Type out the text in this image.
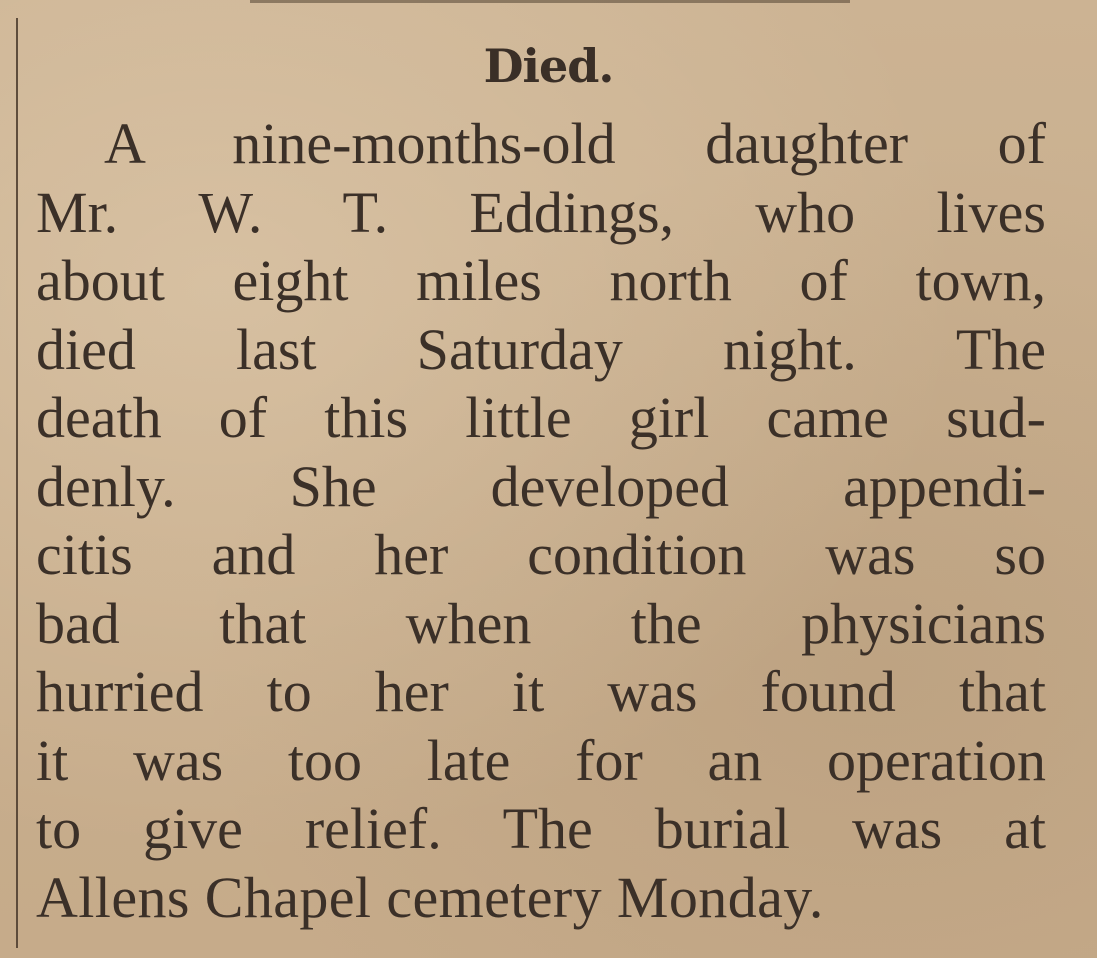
Died.
A nine-months-old daughter of
Mr. W. T. Eddings, who lives
about eight miles north of town,
died last Saturday night. The
death of this little girl came sud-
denly. She developed appendi-
citis and her condition was so
bad that when the physicians
hurried to her it was found that
it was too late for an operation
to give relief. The burial was at
Allens Chapel cemetery Monday.
